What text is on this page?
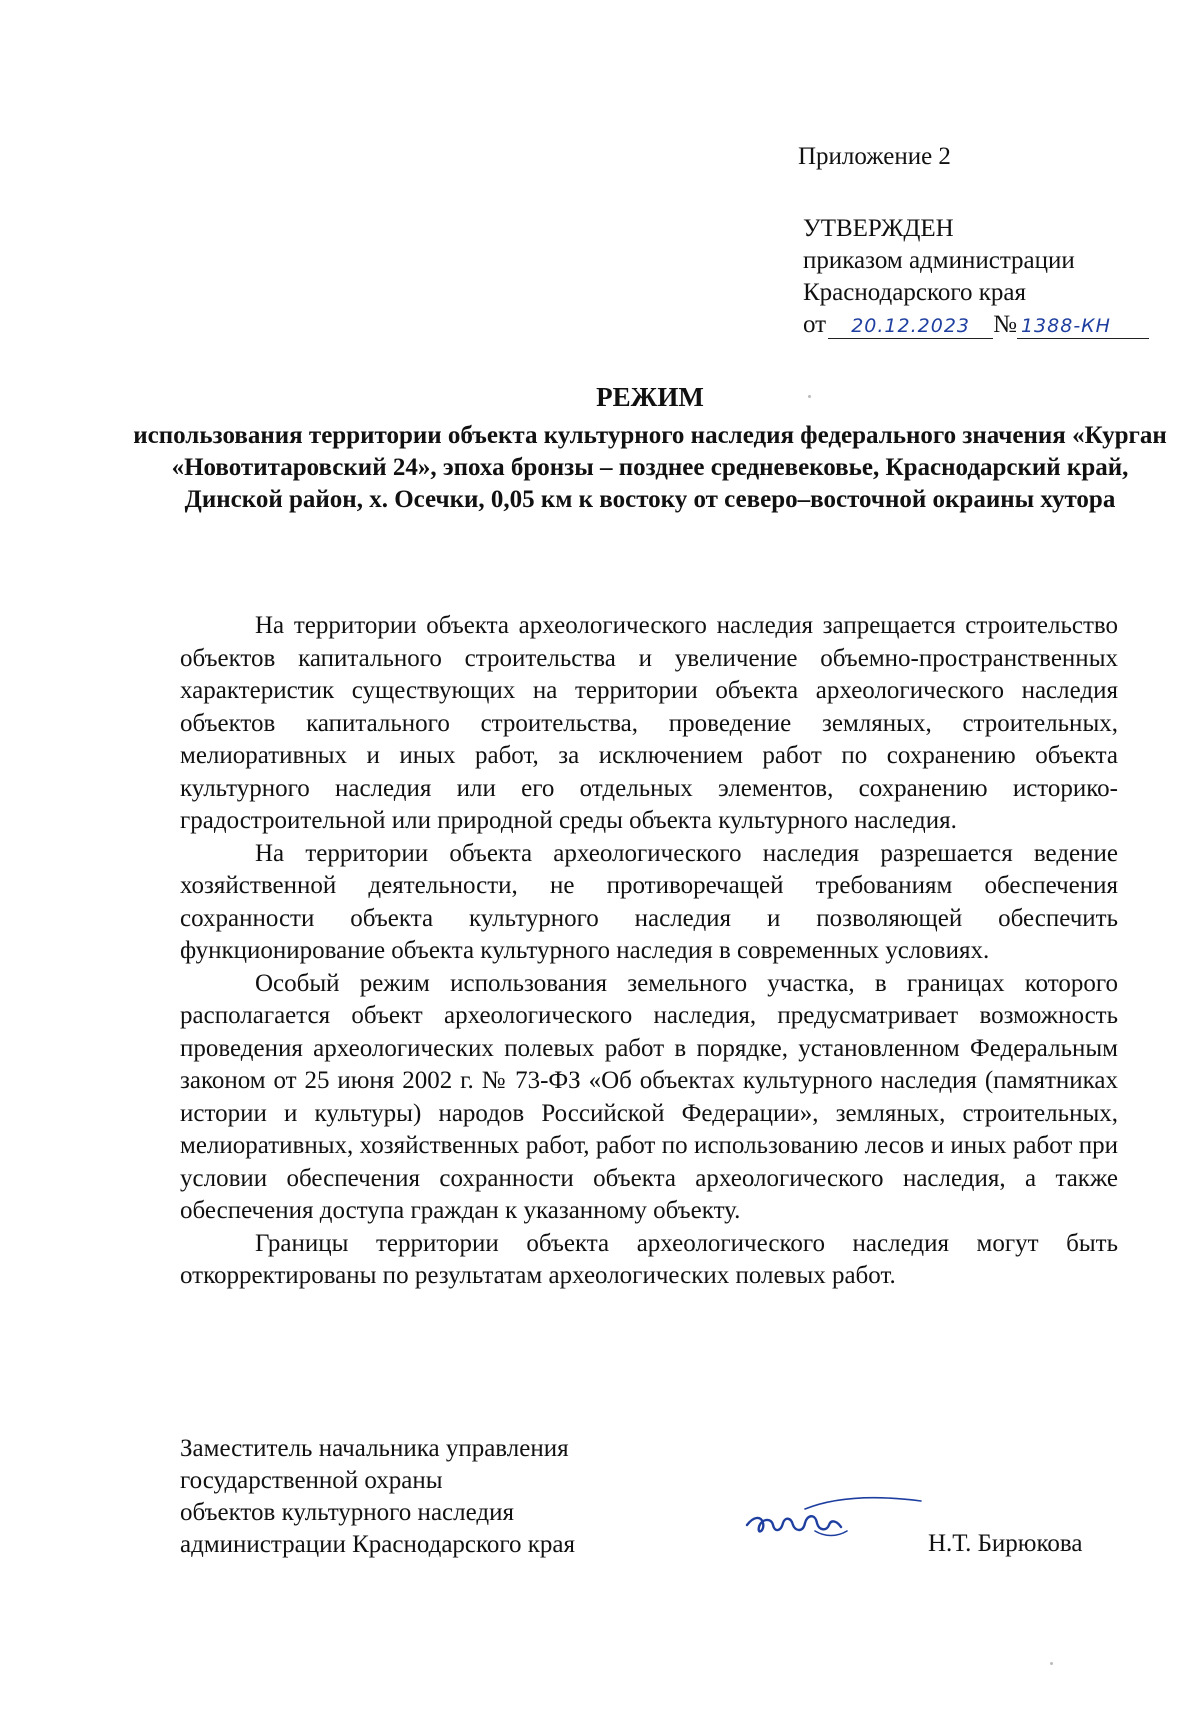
Приложение 2
УТВЕРЖДЕН
приказом администрации
Краснодарского края
от 20.12.2023 № 1388-КН
РЕЖИМ
использования территории объекта культурного наследия федерального значения «Курган «Новотитаровский 24», эпоха бронзы – позднее средневековье, Краснодарский край, Динской район, х. Осечки, 0,05 км к востоку от северо–восточной окраины хутора

На территории объекта археологического наследия запрещается строительство объектов капитального строительства и увеличение объемно-пространственных характеристик существующих на территории объекта археологического наследия объектов капитального строительства, проведение земляных, строительных, мелиоративных и иных работ, за исключением работ по сохранению объекта культурного наследия или его отдельных элементов, сохранению историко-градостроительной или природной среды объекта культурного наследия.

На территории объекта археологического наследия разрешается ведение хозяйственной деятельности, не противоречащей требованиям обеспечения сохранности объекта культурного наследия и позволяющей обеспечить функционирование объекта культурного наследия в современных условиях.

Особый режим использования земельного участка, в границах которого располагается объект археологического наследия, предусматривает возможность проведения археологических полевых работ в порядке, установленном Федеральным законом от 25 июня 2002 г. № 73-ФЗ «Об объектах культурного наследия (памятниках истории и культуры) народов Российской Федерации», земляных, строительных, мелиоративных, хозяйственных работ, работ по использованию лесов и иных работ при условии обеспечения сохранности объекта археологического наследия, а также обеспечения доступа граждан к указанному объекту.

Границы территории объекта археологического наследия могут быть откорректированы по результатам археологических полевых работ.

Заместитель начальника управления
государственной охраны
объектов культурного наследия
администрации Краснодарского края	Н.Т. Бирюкова
